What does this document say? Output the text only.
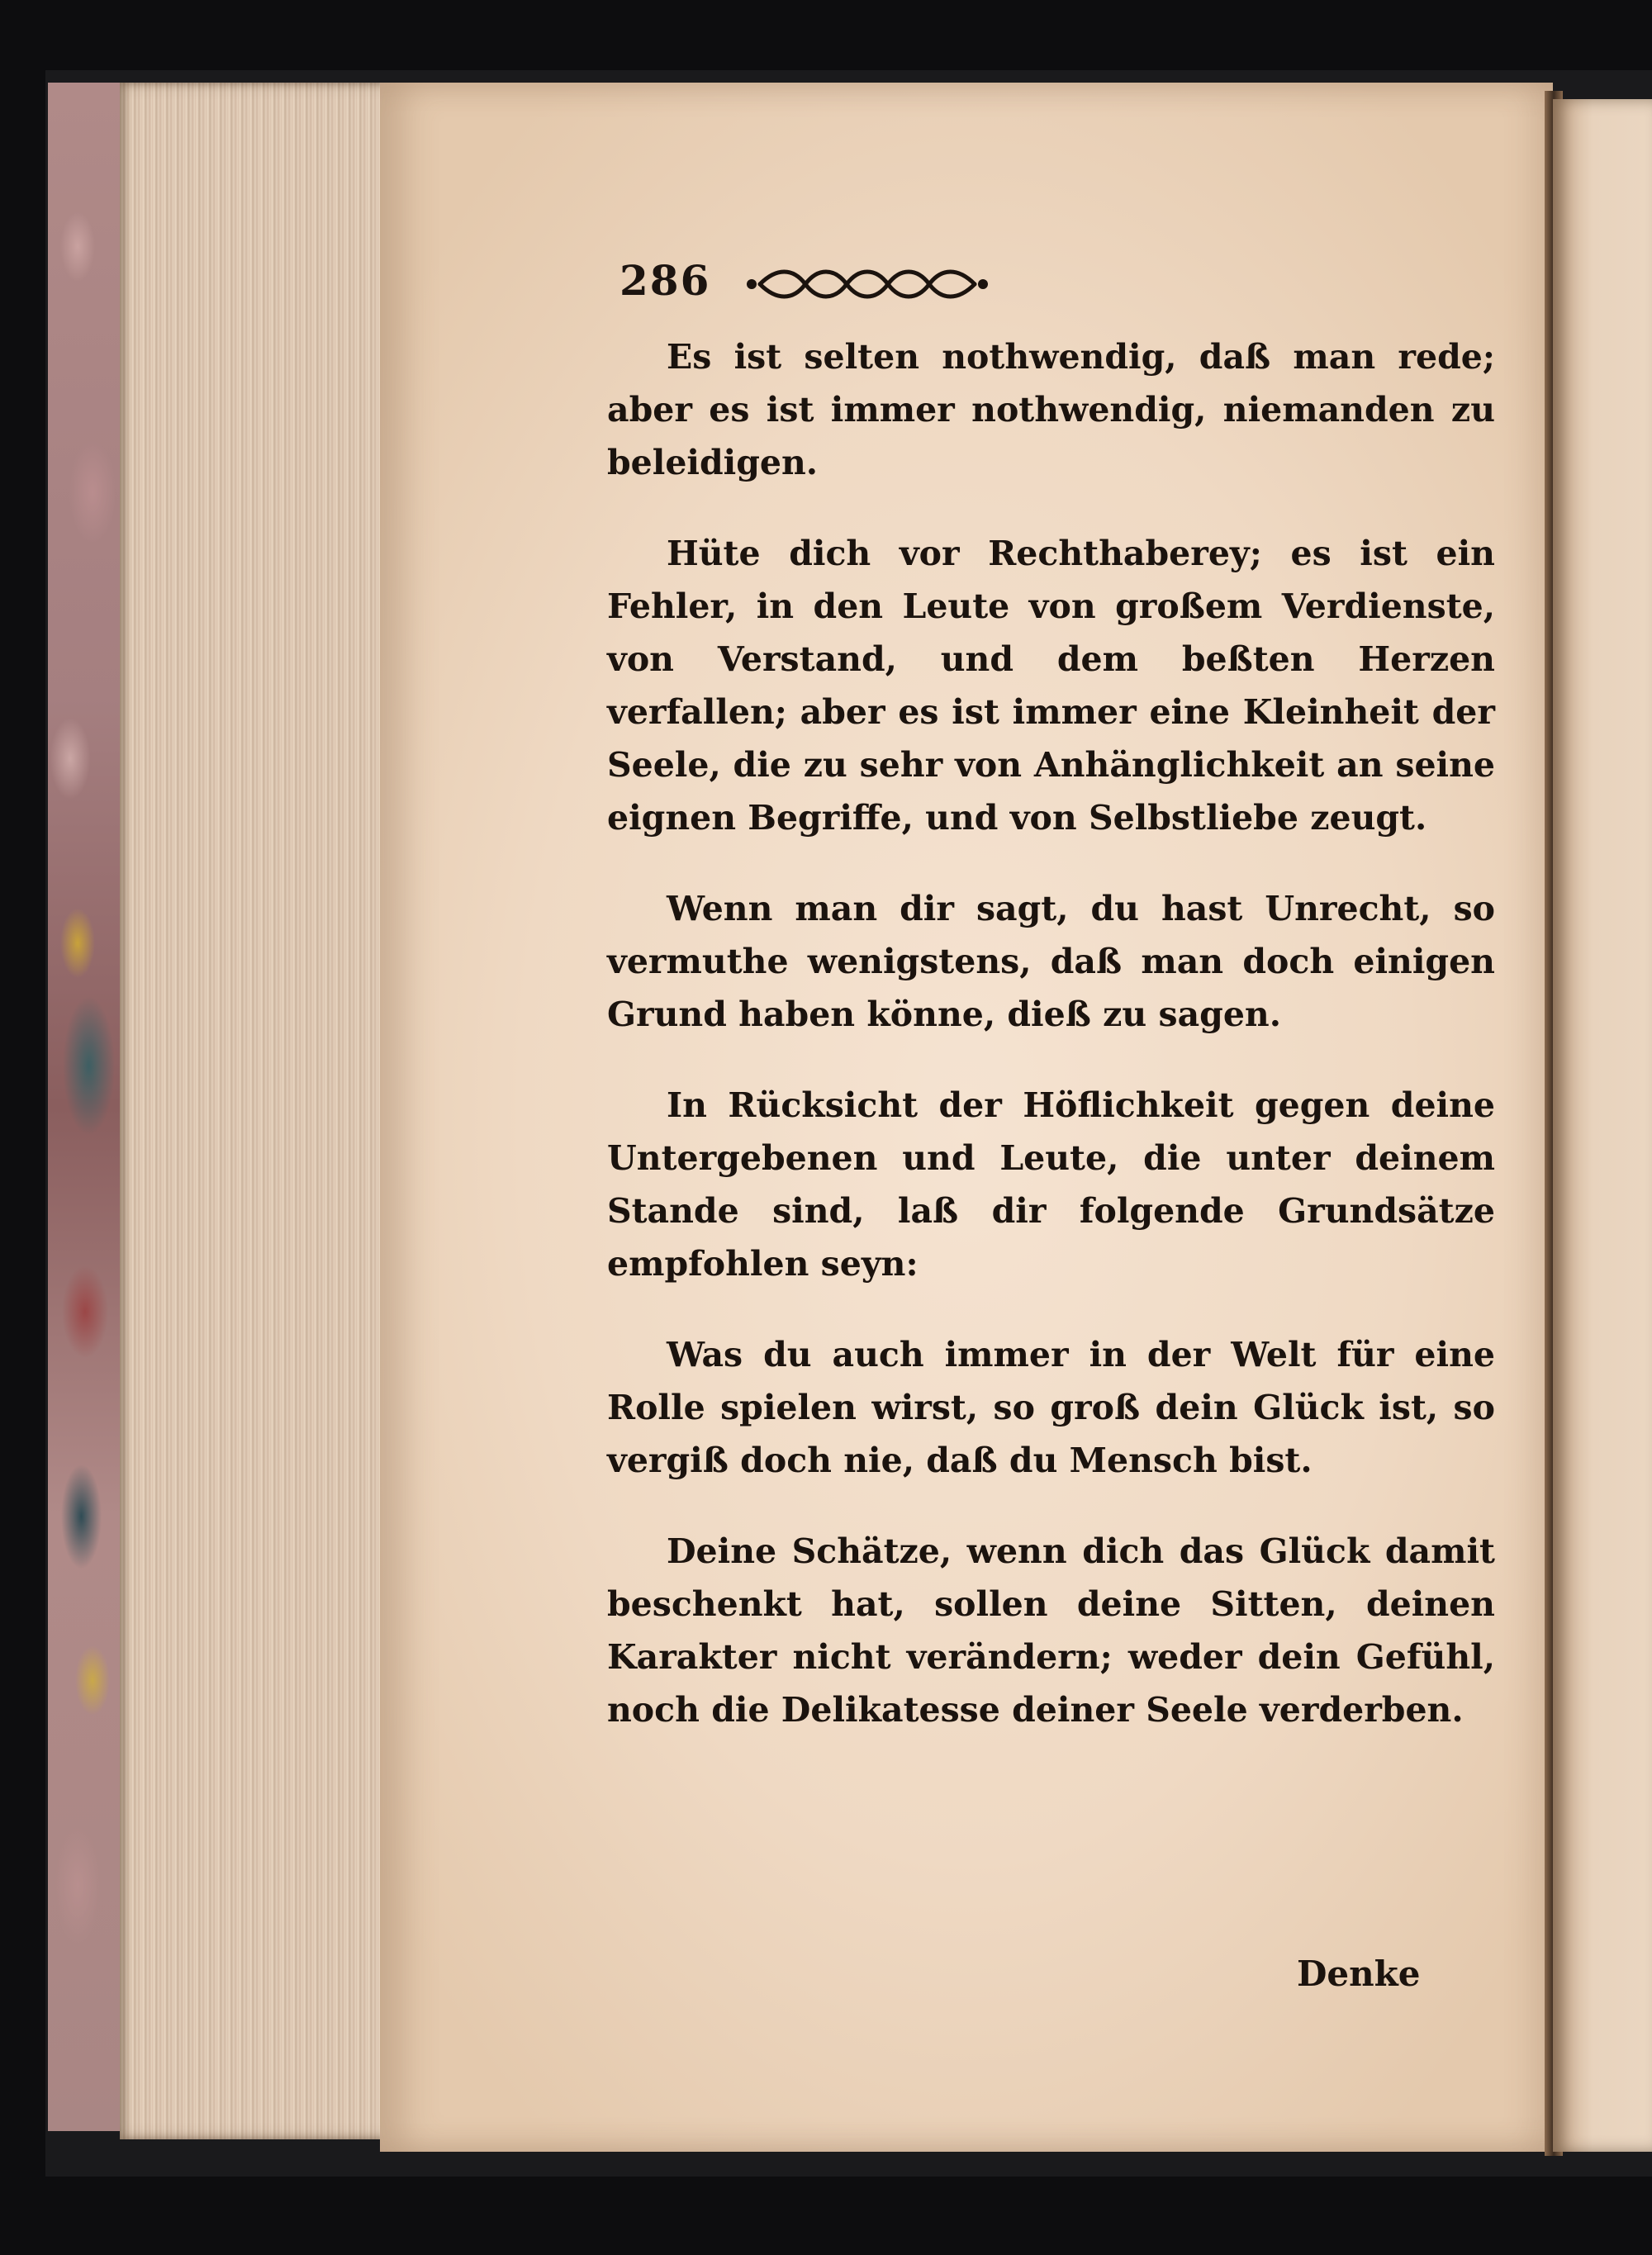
286

Es ist selten nothwendig, daß man rede; aber es ist immer nothwendig, niemanden zu beleidigen.

Hüte dich vor Rechthaberey; es ist ein Fehler, in den Leute von großem Verdienste, von Verstand, und dem beßten Herzen verfallen; aber es ist immer eine Kleinheit der Seele, die zu sehr von Anhänglichkeit an seine eignen Begriffe, und von Selbstliebe zeugt.

Wenn man dir sagt, du hast Unrecht, so vermuthe wenigstens, daß man doch einigen Grund haben könne, dieß zu sagen.

In Rücksicht der Höflichkeit gegen deine Untergebenen und Leute, die unter deinem Stande sind, laß dir folgende Grundsätze empfohlen seyn:

Was du auch immer in der Welt für eine Rolle spielen wirst, so groß dein Glück ist, so vergiß doch nie, daß du Mensch bist.

Deine Schätze, wenn dich das Glück damit beschenkt hat, sollen deine Sitten, deinen Karakter nicht verändern; weder dein Gefühl, noch die Delikatesse deiner Seele verderben.

Denke
